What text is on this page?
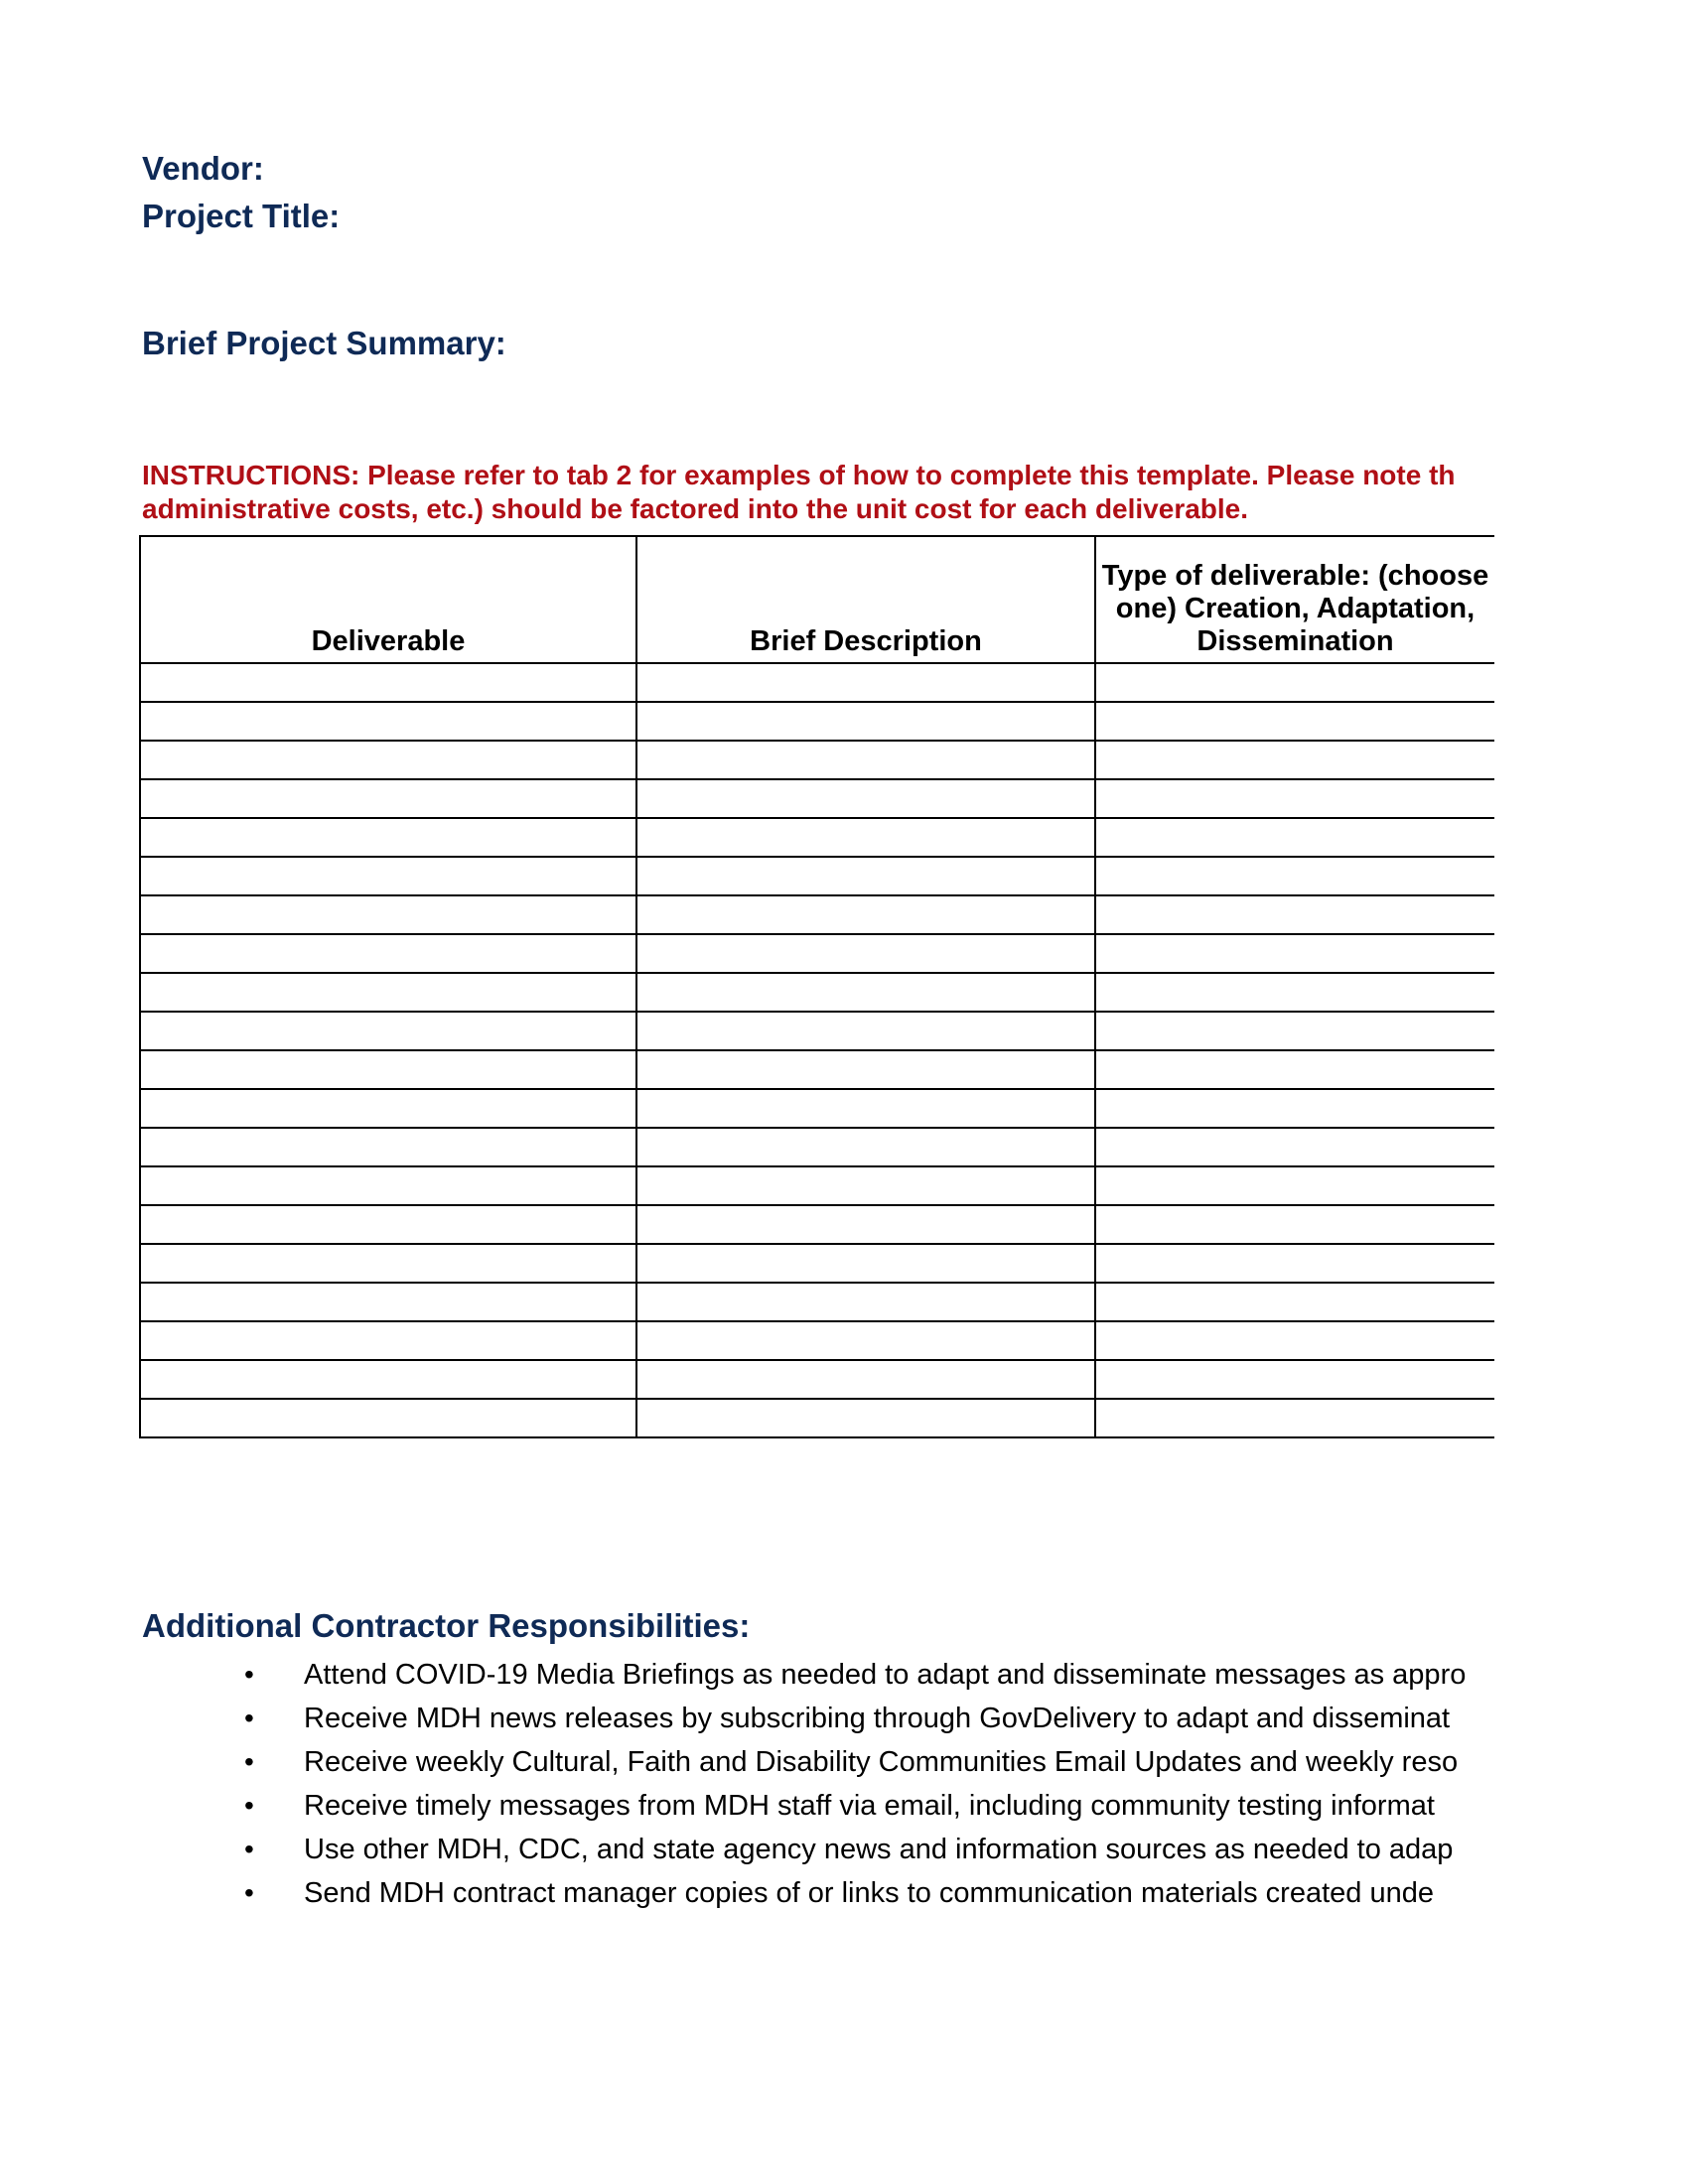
Vendor:
Project Title:
Brief Project Summary:
INSTRUCTIONS: Please refer to tab 2 for examples of how to complete this template. Please note th
administrative costs, etc.) should be factored into the unit cost for each deliverable.
Deliverable	Brief Description	Type of deliverable: (choose one) Creation, Adaptation, Dissemination

Additional Contractor Responsibilities:
• Attend COVID-19 Media Briefings as needed to adapt and disseminate messages as appro
• Receive MDH news releases by subscribing through GovDelivery to adapt and disseminat
• Receive weekly Cultural, Faith and Disability Communities Email Updates and weekly reso
• Receive timely messages from MDH staff via email, including community testing informat
• Use other MDH, CDC, and state agency news and information sources as needed to adap
• Send MDH contract manager copies of or links to communication materials created unde
